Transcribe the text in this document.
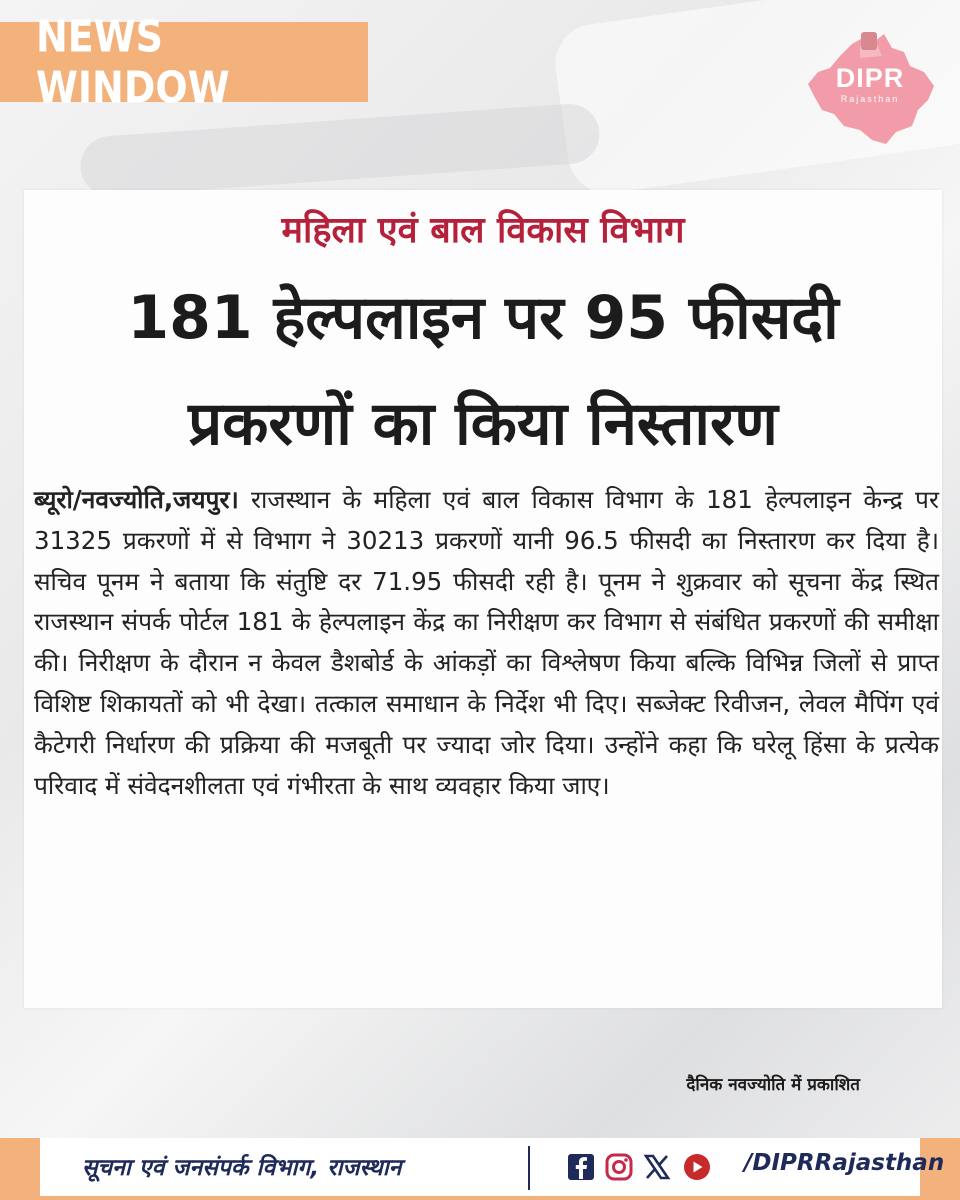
NEWS WINDOW	DIPR
Rajasthan
महिला एवं बाल विकास विभाग
181 हेल्पलाइन पर 95 फीसदी
प्रकरणों का किया निस्तारण
ब्यूरो/नवज्योति,जयपुर। राजस्थान के महिला एवं बाल विकास विभाग के 181 हेल्पलाइन केन्द्र पर 31325 प्रकरणों में से विभाग ने 30213 प्रकरणों यानी 96.5 फीसदी का निस्तारण कर दिया है। सचिव पूनम ने बताया कि संतुष्टि दर 71.95 फीसदी रही है। पूनम ने शुक्रवार को सूचना केंद्र स्थित राजस्थान संपर्क पोर्टल 181 के हेल्पलाइन केंद्र का निरीक्षण कर विभाग से संबंधित प्रकरणों की समीक्षा की। निरीक्षण के दौरान न केवल डैशबोर्ड के आंकड़ों का विश्लेषण किया बल्कि विभिन्न जिलों से प्राप्त विशिष्ट शिकायतों को भी देखा। तत्काल समाधान के निर्देश भी दिए। सब्जेक्ट रिवीजन, लेवल मैपिंग एवं कैटेगरी निर्धारण की प्रक्रिया की मजबूती पर ज्यादा जोर दिया। उन्होंने कहा कि घरेलू हिंसा के प्रत्येक परिवाद में संवेदनशीलता एवं गंभीरता के साथ व्यवहार किया जाए।
दैनिक नवज्योति में प्रकाशित
सूचना एवं जनसंपर्क विभाग, राजस्थान	/DIPRRajasthan
